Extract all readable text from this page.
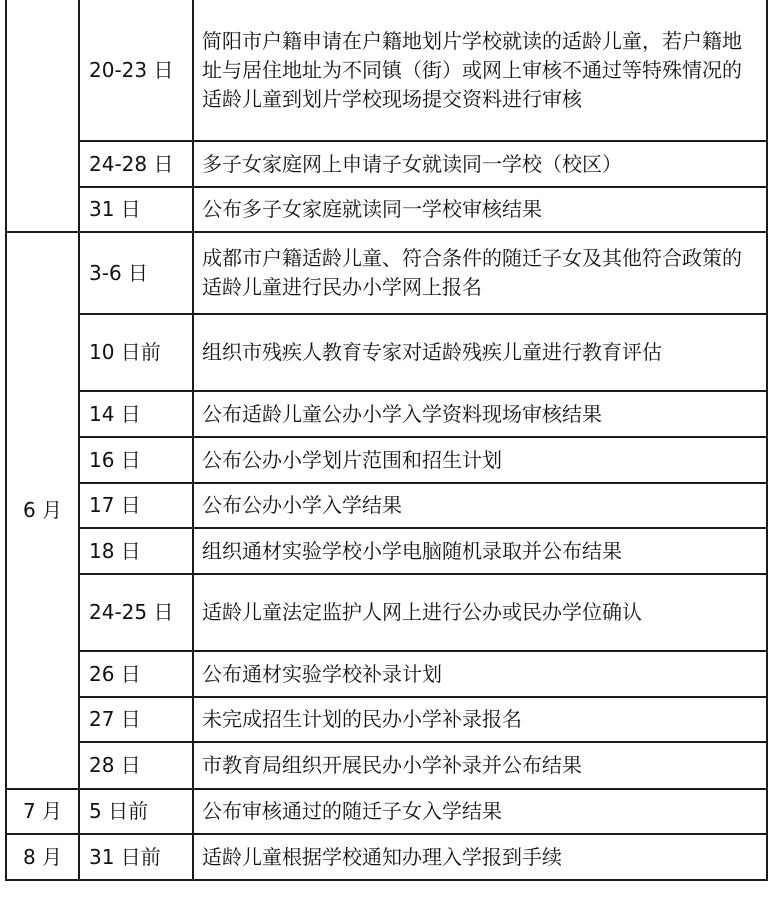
	20-23 日	简阳市户籍申请在户籍地划片学校就读的适龄儿童，若户籍地址与居住地址为不同镇（街）或网上审核不通过等特殊情况的适龄儿童到划片学校现场提交资料进行审核
	24-28 日	多子女家庭网上申请子女就读同一学校（校区）
	31 日	公布多子女家庭就读同一学校审核结果
6 月	3-6 日	成都市户籍适龄儿童、符合条件的随迁子女及其他符合政策的适龄儿童进行民办小学网上报名
	10 日前	组织市残疾人教育专家对适龄残疾儿童进行教育评估
	14 日	公布适龄儿童公办小学入学资料现场审核结果
	16 日	公布公办小学划片范围和招生计划
	17 日	公布公办小学入学结果
	18 日	组织通材实验学校小学电脑随机录取并公布结果
	24-25 日	适龄儿童法定监护人网上进行公办或民办学位确认
	26 日	公布通材实验学校补录计划
	27 日	未完成招生计划的民办小学补录报名
	28 日	市教育局组织开展民办小学补录并公布结果
7 月	5 日前	公布审核通过的随迁子女入学结果
8 月	31 日前	适龄儿童根据学校通知办理入学报到手续
